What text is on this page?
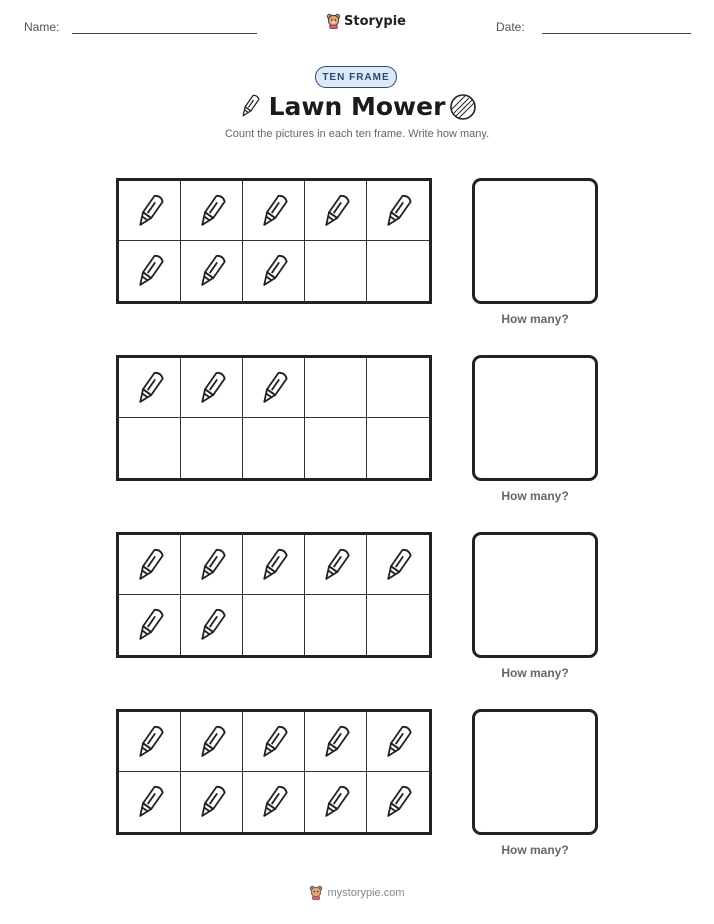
Name:	Storypie	Date:
TEN FRAME
Lawn Mower
Count the pictures in each ten frame. Write how many.
How many?
How many?
How many?
How many?
mystorypie.com
